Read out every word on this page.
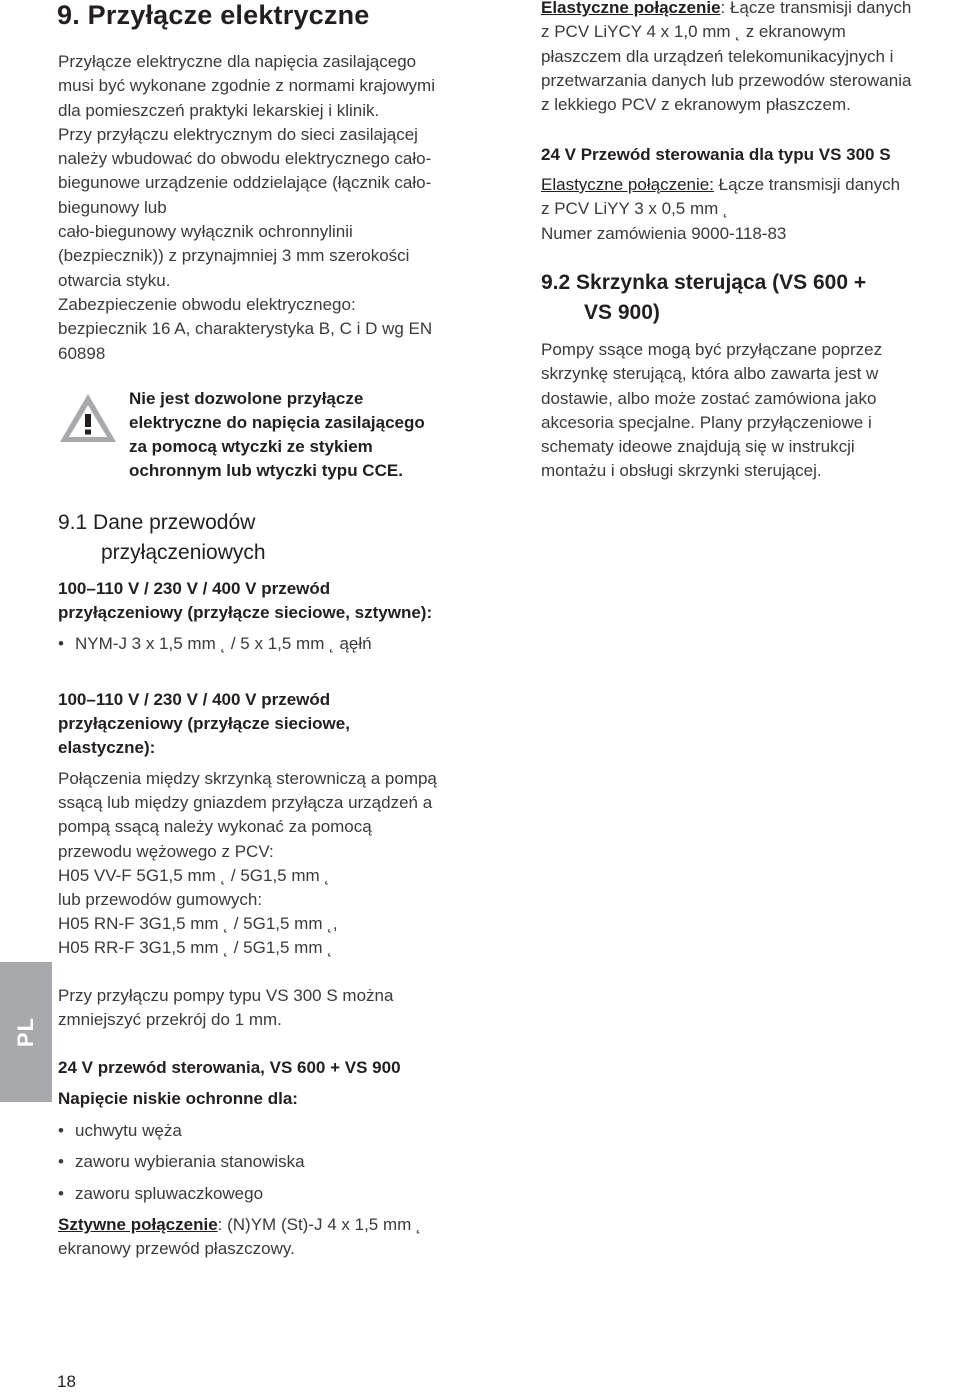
9. Przyłącze elektryczne
Przyłącze elektryczne dla napięcia zasilającego
musi być wykonane zgodnie z normami krajowymi
dla pomieszczeń praktyki lekarskiej i klinik.
Przy przyłączu elektrycznym do sieci zasilającej
należy wbudować do obwodu elektrycznego cało-
biegunowe urządzenie oddzielające (łącznik cało-
biegunowy lub
cało-biegunowy wyłącznik ochronnylinii
(bezpiecznik)) z przynajmniej 3 mm szerokości
otwarcia styku.
Zabezpieczenie obwodu elektrycznego:
bezpiecznik 16 A, charakterystyka B, C i D wg EN
60898
Nie jest dozwolone przyłącze
elektryczne do napięcia zasilającego
za pomocą wtyczki ze stykiem
ochronnym lub wtyczki typu CCE.
9.1 Dane przewodów
przyłączeniowych
100–110 V / 230 V / 400 V przewód
przyłączeniowy (przyłącze sieciowe, sztywne):
• NYM-J 3 x 1,5 mm ˛ / 5 x 1,5 mm ˛ ąęłń
100–110 V / 230 V / 400 V przewód
przyłączeniowy (przyłącze sieciowe,
elastyczne):
Połączenia między skrzynką sterowniczą a pompą
ssącą lub między gniazdem przyłącza urządzeń a
pompą ssącą należy wykonać za pomocą
przewodu wężowego z PCV:
H05 VV-F 5G1,5 mm ˛ / 5G1,5 mm ˛
lub przewodów gumowych:
H05 RN-F 3G1,5 mm ˛ / 5G1,5 mm ˛,
H05 RR-F 3G1,5 mm ˛ / 5G1,5 mm ˛
Przy przyłączu pompy typu VS 300 S można
zmniejszyć przekrój do 1 mm.
24 V przewód sterowania, VS 600 + VS 900
Napięcie niskie ochronne dla:
• uchwytu węża
• zaworu wybierania stanowiska
• zaworu spluwaczkowego
Sztywne połączenie: (N)YM (St)-J 4 x 1,5 mm ˛
ekranowy przewód płaszczowy.
Elastyczne połączenie: Łącze transmisji danych
z PCV LiYCY 4 x 1,0 mm ˛ z ekranowym
płaszczem dla urządzeń telekomunikacyjnych i
przetwarzania danych lub przewodów sterowania
z lekkiego PCV z ekranowym płaszczem.
24 V Przewód sterowania dla typu VS 300 S
Elastyczne połączenie: Łącze transmisji danych
z PCV LiYY 3 x 0,5 mm ˛
Numer zamówienia 9000-118-83
9.2 Skrzynka sterująca (VS 600 +
VS 900)
Pompy ssące mogą być przyłączane poprzez
skrzynkę sterującą, która albo zawarta jest w
dostawie, albo może zostać zamówiona jako
akcesoria specjalne. Plany przyłączeniowe i
schematy ideowe znajdują się w instrukcji
montażu i obsługi skrzynki sterującej.
PL
18
